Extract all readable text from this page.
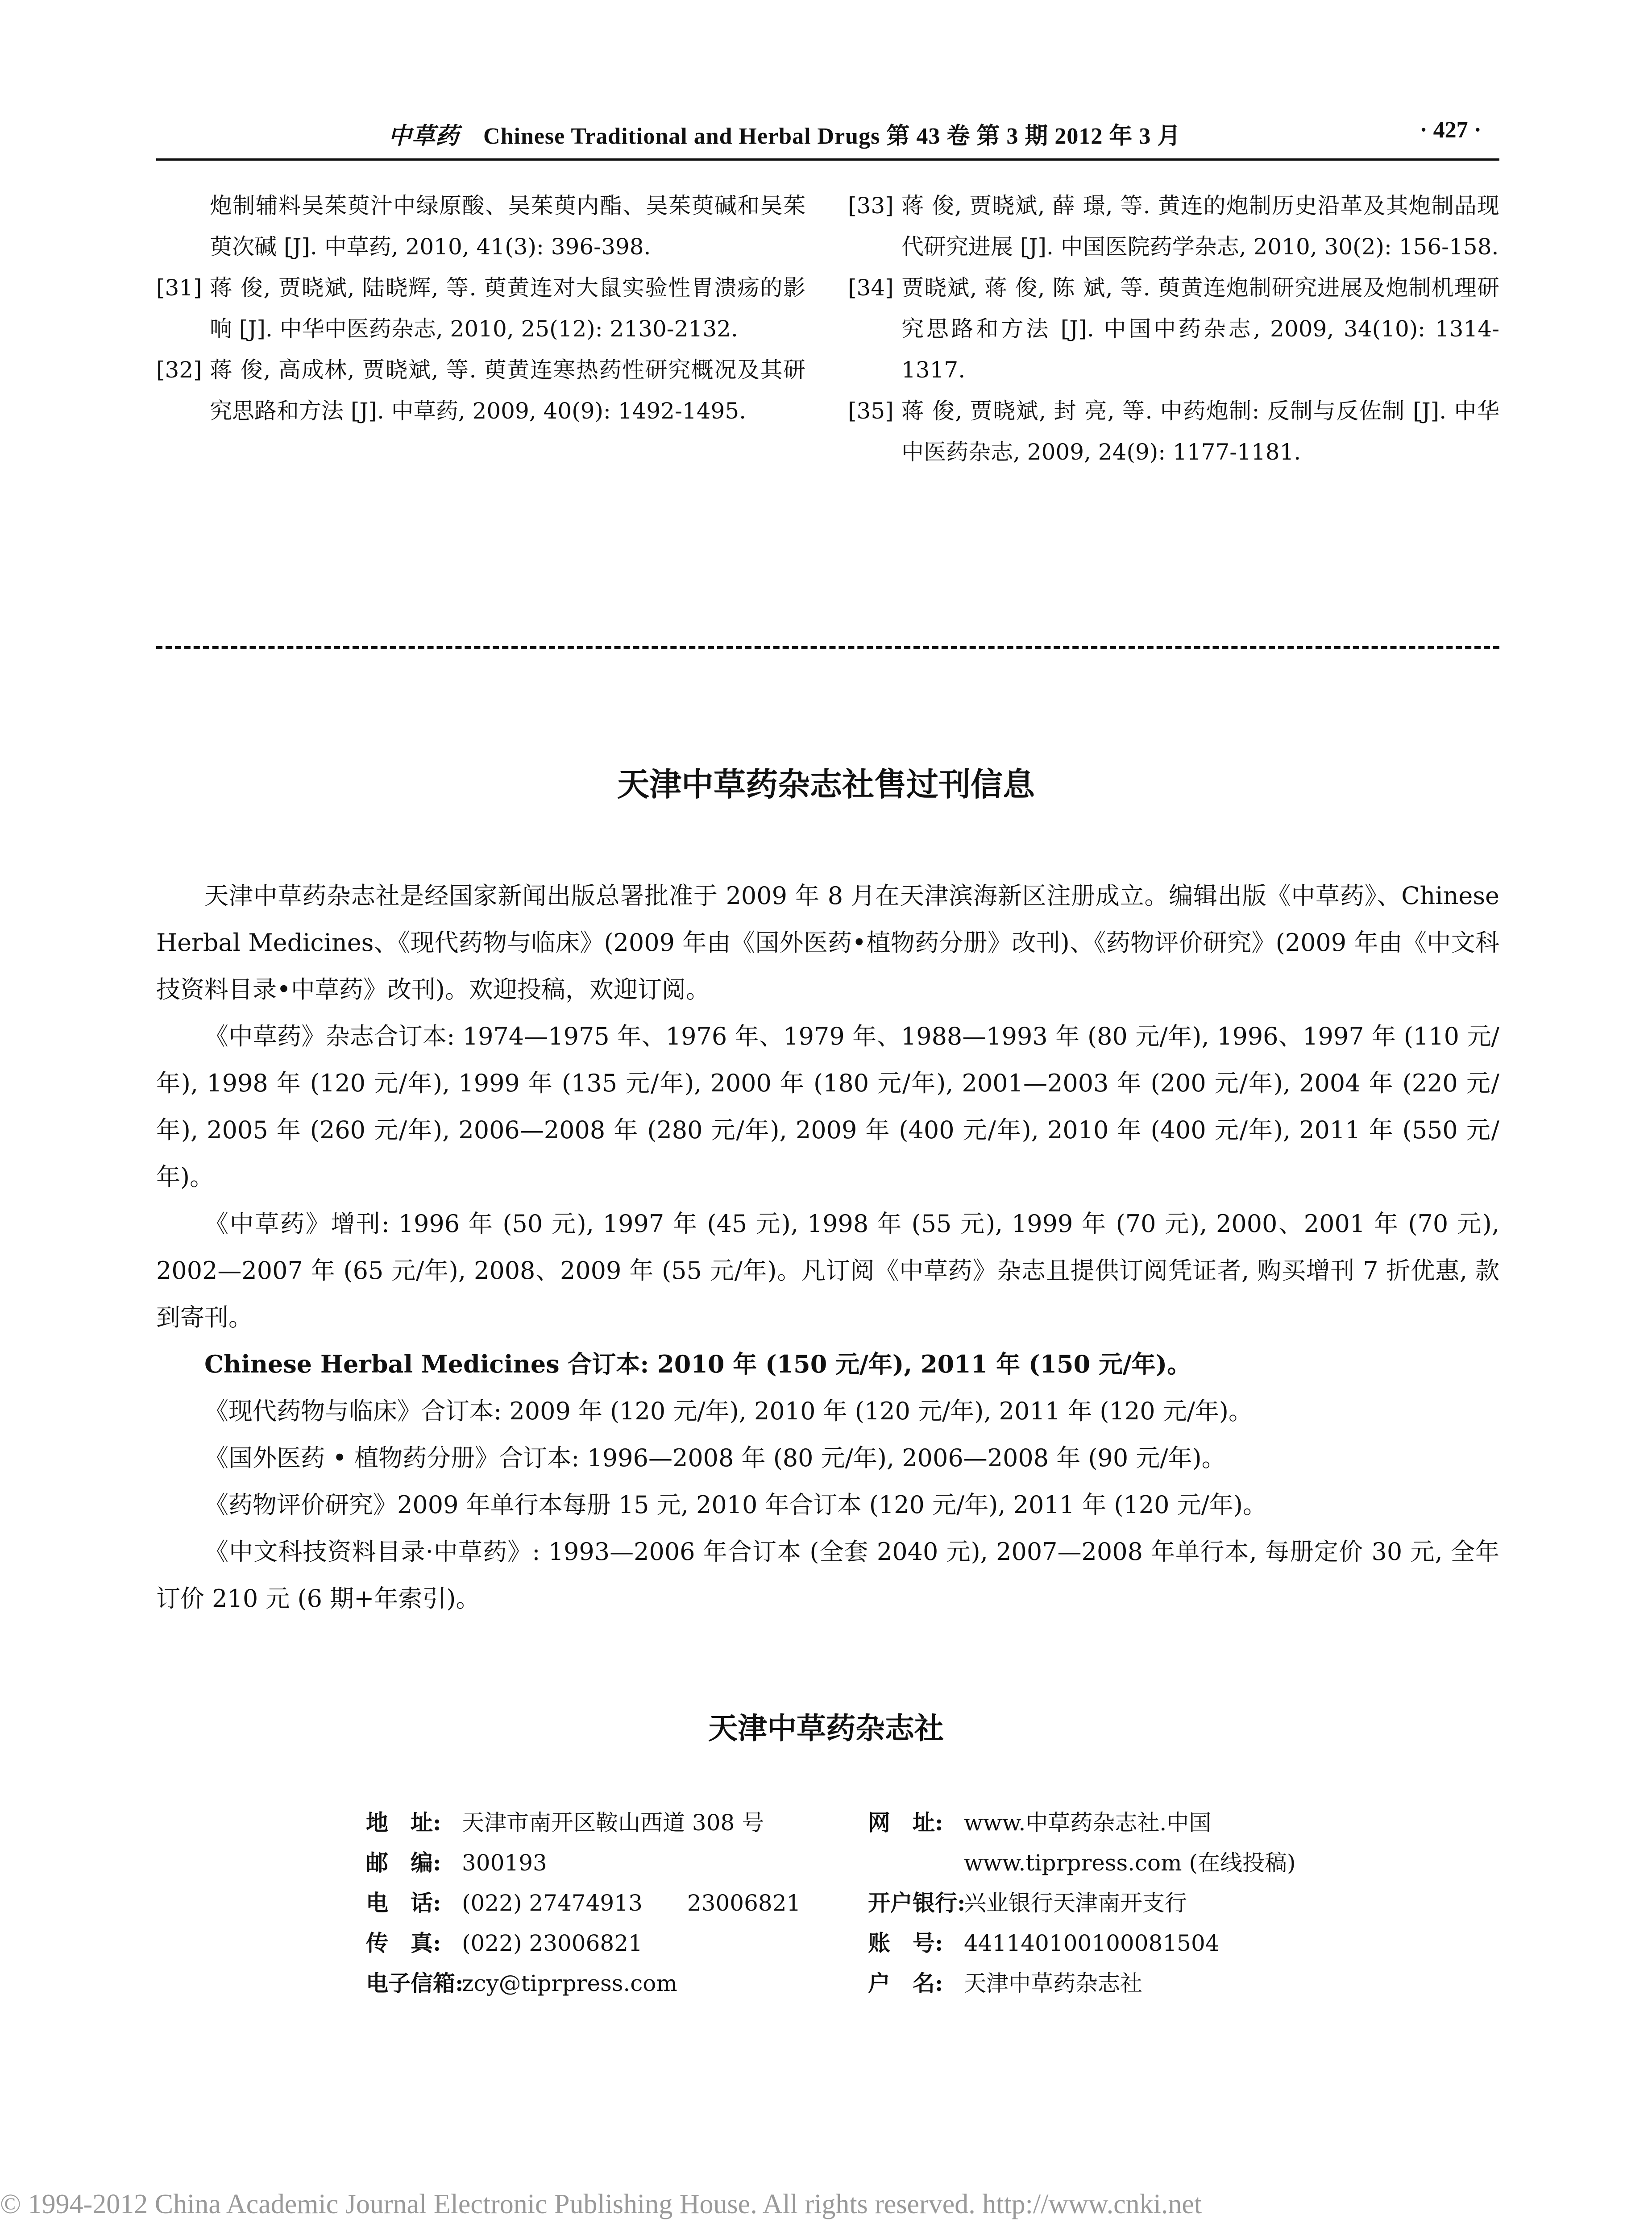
中草药 Chinese Traditional and Herbal Drugs 第 43 卷 第 3 期 2012 年 3 月	· 427 ·
炮制辅料吴茱萸汁中绿原酸、吴茱萸内酯、吴茱萸碱和吴茱萸次碱 [J]. 中草药, 2010, 41(3): 396-398.
[31] 蒋 俊, 贾晓斌, 陆晓辉, 等. 萸黄连对大鼠实验性胃溃疡的影响 [J]. 中华中医药杂志, 2010, 25(12): 2130-2132.
[32] 蒋 俊, 高成林, 贾晓斌, 等. 萸黄连寒热药性研究概况及其研究思路和方法 [J]. 中草药, 2009, 40(9): 1492-1495.
[33] 蒋 俊, 贾晓斌, 薛 璟, 等. 黄连的炮制历史沿革及其炮制品现代研究进展 [J]. 中国医院药学杂志, 2010, 30(2): 156-158.
[34] 贾晓斌, 蒋 俊, 陈 斌, 等. 萸黄连炮制研究进展及炮制机理研究思路和方法 [J]. 中国中药杂志, 2009, 34(10): 1314-1317.
[35] 蒋 俊, 贾晓斌, 封 亮, 等. 中药炮制: 反制与反佐制 [J]. 中华中医药杂志, 2009, 24(9): 1177-1181.
天津中草药杂志社售过刊信息

天津中草药杂志社是经国家新闻出版总署批准于 2009 年 8 月在天津滨海新区注册成立。编辑出版《中草药》、Chinese Herbal Medicines、《现代药物与临床》(2009 年由《国外医药•植物药分册》改刊)、《药物评价研究》(2009 年由《中文科技资料目录•中草药》改刊)。欢迎投稿，欢迎订阅。

《中草药》杂志合订本: 1974—1975 年、1976 年、1979 年、1988—1993 年 (80 元/年), 1996、1997 年 (110 元/年), 1998 年 (120 元/年), 1999 年 (135 元/年), 2000 年 (180 元/年), 2001—2003 年 (200 元/年), 2004 年 (220 元/年), 2005 年 (260 元/年), 2006—2008 年 (280 元/年), 2009 年 (400 元/年), 2010 年 (400 元/年), 2011 年 (550 元/年)。

《中草药》增刊: 1996 年 (50 元), 1997 年 (45 元), 1998 年 (55 元), 1999 年 (70 元), 2000、2001 年 (70 元), 2002—2007 年 (65 元/年), 2008、2009 年 (55 元/年)。凡订阅《中草药》杂志且提供订阅凭证者, 购买增刊 7 折优惠, 款到寄刊。

Chinese Herbal Medicines 合订本: 2010 年 (150 元/年), 2011 年 (150 元/年)。

《现代药物与临床》合订本: 2009 年 (120 元/年), 2010 年 (120 元/年), 2011 年 (120 元/年)。

《国外医药 • 植物药分册》合订本: 1996—2008 年 (80 元/年), 2006—2008 年 (90 元/年)。

《药物评价研究》2009 年单行本每册 15 元, 2010 年合订本 (120 元/年), 2011 年 (120 元/年)。

《中文科技资料目录·中草药》: 1993—2006 年合订本 (全套 2040 元), 2007—2008 年单行本, 每册定价 30 元, 全年订价 210 元 (6 期+年索引)。

天津中草药杂志社
地　址: 天津市南开区鞍山西道 308 号
邮　编: 300193
电　话: (022) 27474913　　23006821
传　真: (022) 23006821
电子信箱:zcy@tiprpress.com
网　址: www.中草药杂志社.中国
www.tiprpress.com (在线投稿)
开户银行:兴业银行天津南开支行
账　号: 441140100100081504
户　名: 天津中草药杂志社
© 1994-2012 China Academic Journal Electronic Publishing House. All rights reserved. http://www.cnki.net
